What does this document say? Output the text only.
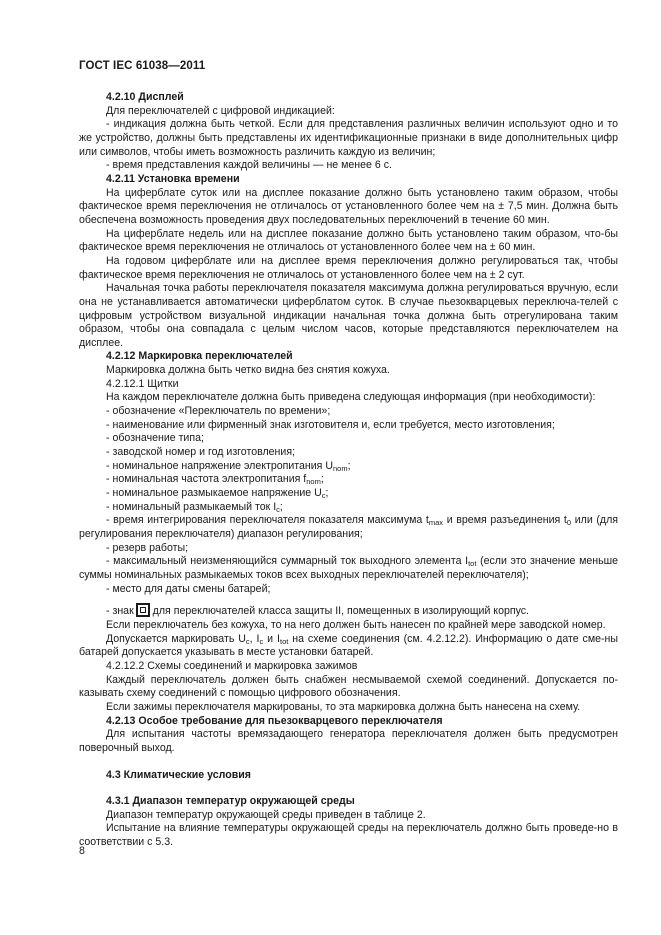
ГОСТ IEC 61038—2011

4.2.10 Дисплей

Для переключателей с цифровой индикацией:

- индикация должна быть четкой. Если для представления различных величин используют одно и то же устройство, должны быть представлены их идентификационные признаки в виде дополнительных цифр или символов, чтобы иметь возможность различить каждую из величин;

- время представления каждой величины — не менее 6 с.

4.2.11 Установка времени

На циферблате суток или на дисплее показание должно быть установлено таким образом, чтобы фактическое время переключения не отличалось от установленного более чем на ± 7,5 мин. Должна быть обеспечена возможность проведения двух последовательных переключений в течение 60 мин.

На циферблате недель или на дисплее показание должно быть установлено таким образом, что-бы фактическое время переключения не отличалось от установленного более чем на ± 60 мин.

На годовом циферблате или на дисплее время переключения должно регулироваться так, чтобы фактическое время переключения не отличалось от установленного более чем на ± 2 сут.

Начальная точка работы переключателя показателя максимума должна регулироваться вручную, если она не устанавливается автоматически циферблатом суток. В случае пьезокварцевых переключа-телей с цифровым устройством визуальной индикации начальная точка должна быть отрегулирована таким образом, чтобы она совпадала с целым числом часов, которые представляются переключателем на дисплее.

4.2.12 Маркировка переключателей

Маркировка должна быть четко видна без снятия кожуха.

4.2.12.1 Щитки

На каждом переключателе должна быть приведена следующая информация (при необходимости):

- обозначение «Переключатель по времени»;

- наименование или фирменный знак изготовителя и, если требуется, место изготовления;

- обозначение типа;

- заводской номер и год изготовления;

- номинальное напряжение электропитания $U_{nom}$;

- номинальная частота электропитания $f_{nom}$;

- номинальное размыкаемое напряжение $U_c$;

- номинальный размыкаемый ток $I_c$;

- время интегрирования переключателя показателя максимума $t_{max}$ и время разъединения $t_0$ или (для регулирования переключателя) диапазон регулирования;

- резерв работы;

- максимальный неизменяющийся суммарный ток выходного элемента $I_{tot}$ (если это значение меньше суммы номинальных размыкаемых токов всех выходных переключателей переключателя);

- место для даты смены батарей;

- знак для переключателей класса защиты II, помещенных в изолирующий корпус.

Если переключатель без кожуха, то на него должен быть нанесен по крайней мере заводской номер.

Допускается маркировать $U_c$, $I_c$ и $I_{tot}$ на схеме соединения (см. 4.2.12.2). Информацию о дате сме-ны батарей допускается указывать в месте установки батарей.

4.2.12.2 Схемы соединений и маркировка зажимов

Каждый переключатель должен быть снабжен несмываемой схемой соединений. Допускается по-казывать схему соединений с помощью цифрового обозначения.

Если зажимы переключателя маркированы, то эта маркировка должна быть нанесена на схему.

4.2.13 Особое требование для пьезокварцевого переключателя

Для испытания частоты времязадающего генератора переключателя должен быть предусмотрен поверочный выход.

4.3 Климатические условия

4.3.1 Диапазон температур окружающей среды

Диапазон температур окружающей среды приведен в таблице 2.

Испытание на влияние температуры окружающей среды на переключатель должно быть проведе-но в соответствии с 5.3.

8
